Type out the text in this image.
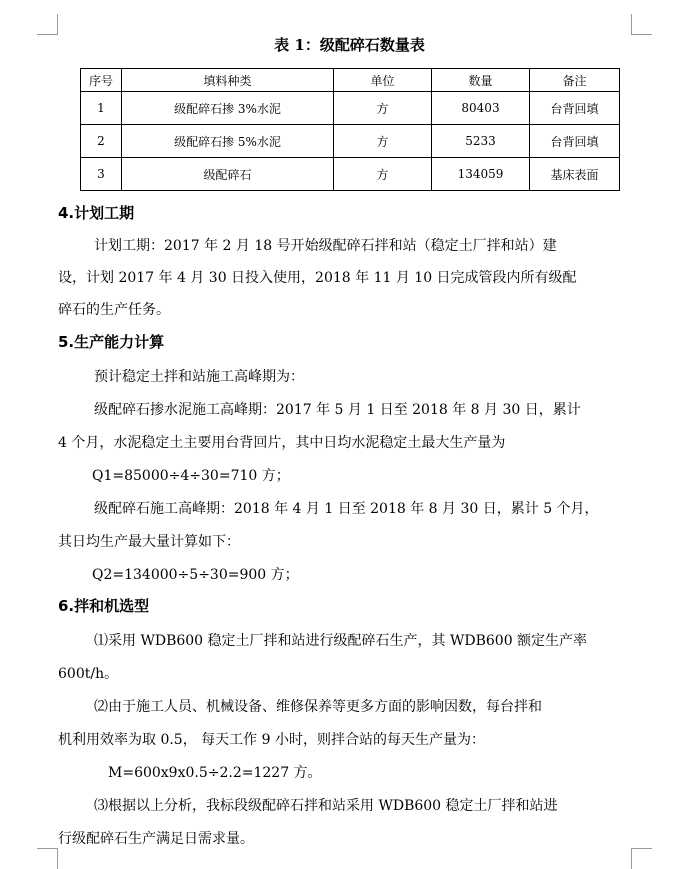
表 1：级配碎石数量表
序号	填料种类	单位	数量	备注
1	级配碎石掺 3%水泥	方	80403	台背回填
2	级配碎石掺 5%水泥	方	5233	台背回填
3	级配碎石	方	134059	基床表面
4.计划工期

计划工期：2017 年 2 月 18 号开始级配碎石拌和站（稳定土厂拌和站）建

设，计划 2017 年 4 月 30 日投入使用，2018 年 11 月 10 日完成管段内所有级配

碎石的生产任务。

5.生产能力计算

预计稳定土拌和站施工高峰期为：

级配碎石掺水泥施工高峰期：2017 年 5 月 1 日至 2018 年 8 月 30 日，累计

4 个月，水泥稳定土主要用台背回片，其中日均水泥稳定土最大生产量为

Q1=85000÷4÷30=710 方；

级配碎石施工高峰期：2018 年 4 月 1 日至 2018 年 8 月 30 日，累计 5 个月，

其日均生产最大量计算如下：

Q2=134000÷5÷30=900 方；

6.拌和机选型

⑴采用 WDB600 稳定土厂拌和站进行级配碎石生产，其 WDB600 额定生产率

600t/h。

⑵由于施工人员、机械设备、维修保养等更多方面的影响因数，每台拌和

机利用效率为取 0.5， 每天工作 9 小时，则拌合站的每天生产量为：

M=600x9x0.5÷2.2=1227 方。

⑶根据以上分析，我标段级配碎石拌和站采用 WDB600 稳定土厂拌和站进

行级配碎石生产满足日需求量。
